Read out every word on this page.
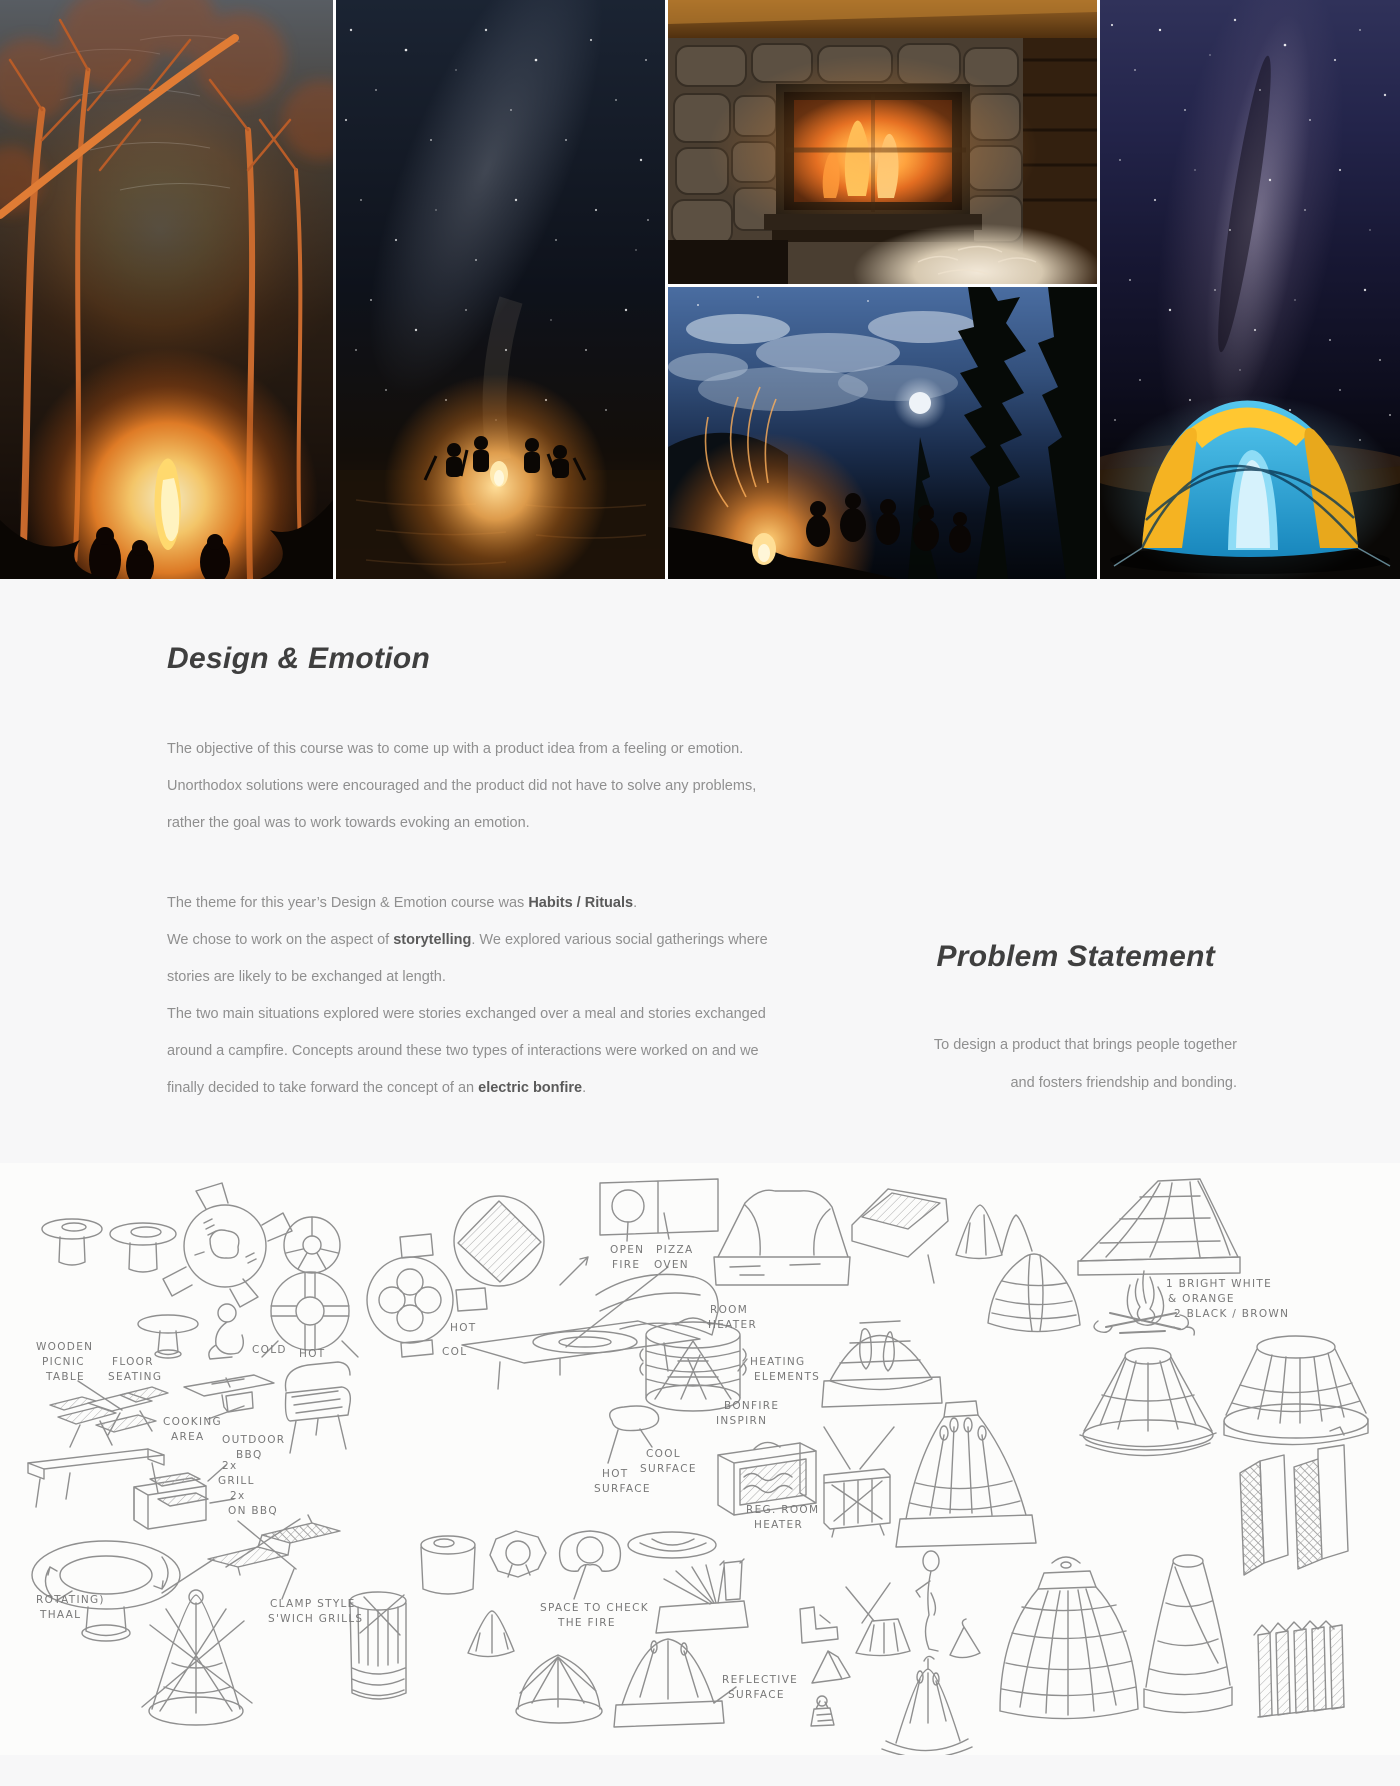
Design & Emotion

The objective of this course was to come up with a product idea from a feeling or emotion.
Unorthodox solutions were encouraged and the product did not have to solve any problems,
rather the goal was to work towards evoking an emotion.

The theme for this year’s Design & Emotion course was Habits / Rituals.
We chose to work on the aspect of storytelling. We explored various social gatherings where
stories are likely to be exchanged at length.
The two main situations explored were stories exchanged over a meal and stories exchanged
around a campfire. Concepts around these two types of interactions were worked on and we
finally decided to take forward the concept of an electric bonfire.

Problem Statement

To design a product that brings people together
and fosters friendship and bonding.

WOODEN
PICNIC
TABLE
FLOOR
SEATING
COLD HOT
HOT
COL
COOKING
AREA OUTDOOR
BBQ
2x
GRILL
2x
ON BBQ
OPEN
FIRE
PIZZA
OVEN
ROOM
HEATER
HEATING
ELEMENTS
BONFIRE
INSPIRN
COOL
SURFACE
HOT
SURFACE
REG. ROOM
HEATER
1 BRIGHT WHITE
& ORANGE
2 BLACK / BROWN
ROTATING)
THAAL
CLAMP STYLE
S'WICH GRILLS
SPACE TO CHECK
THE FIRE
REFLECTIVE
SURFACE
